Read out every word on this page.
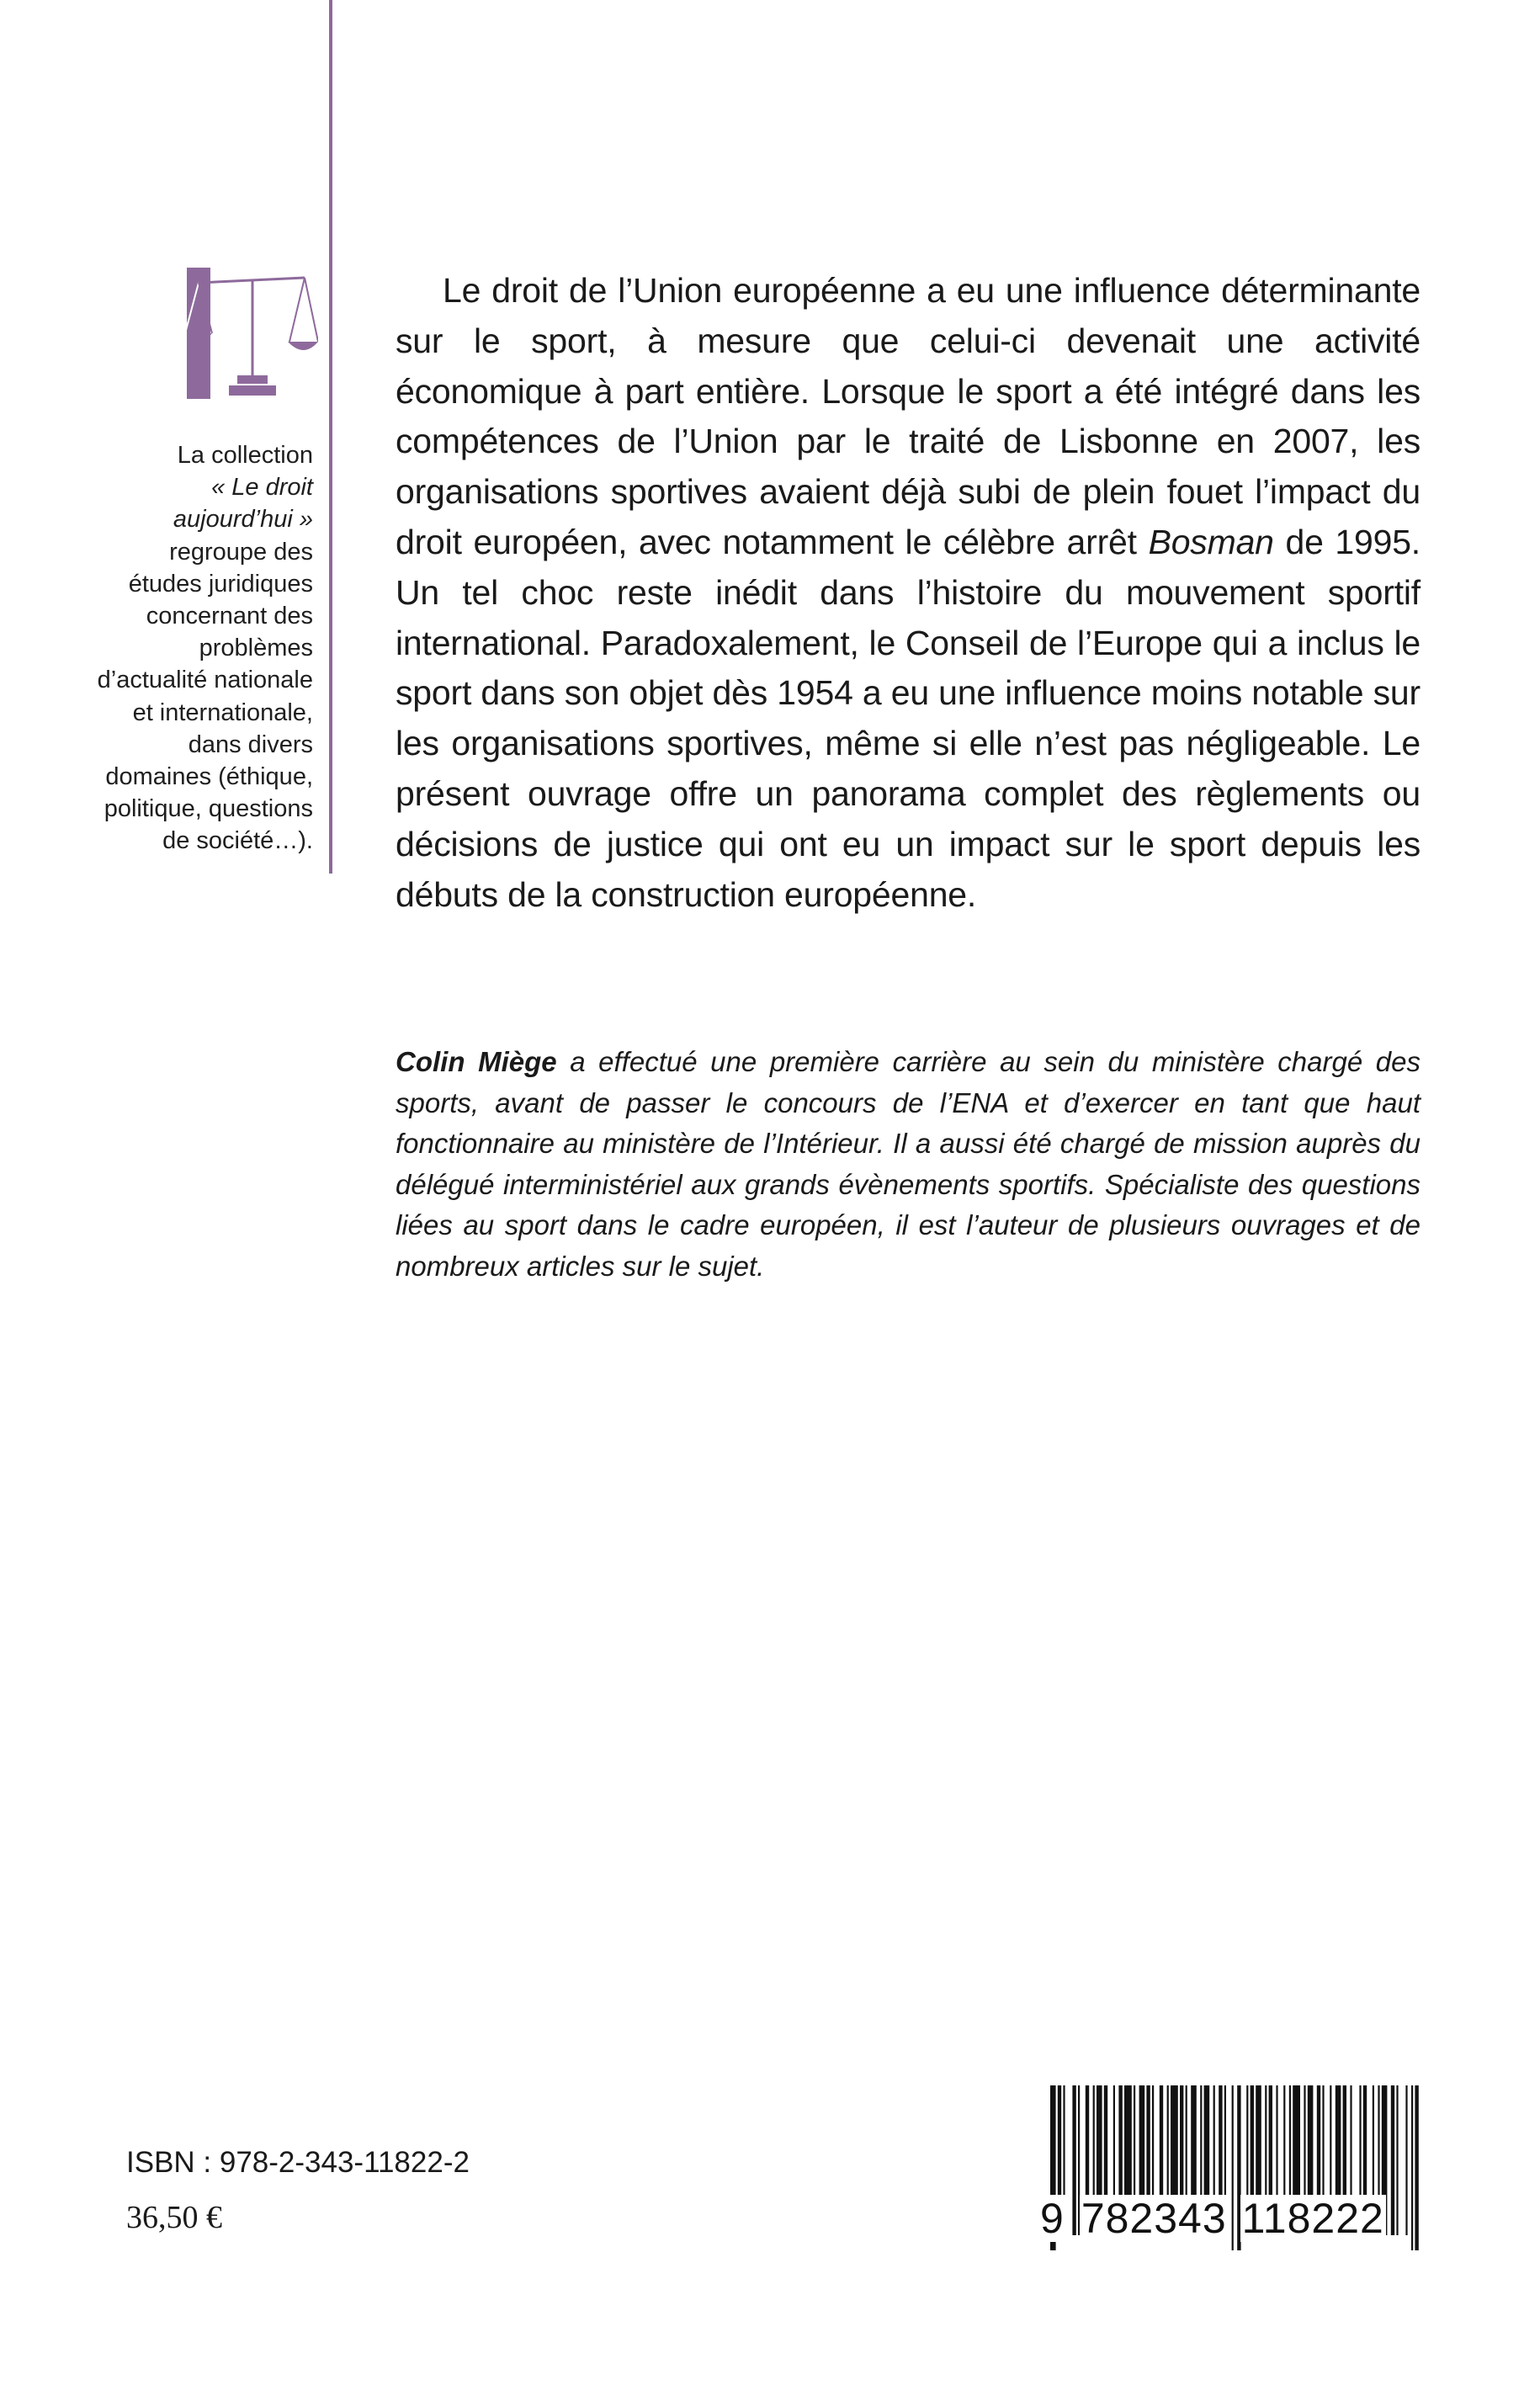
La collection
« Le droit aujourd’hui » regroupe des études juridiques concernant des problèmes d’actualité nationale et internationale, dans divers domaines (éthique, politique, questions de société…).
Le droit de l’Union européenne a eu une influence déterminante sur le sport, à mesure que celui-ci devenait une activité économique à part entière. Lorsque le sport a été intégré dans les compétences de l’Union par le traité de Lisbonne en 2007, les organisations sportives avaient déjà subi de plein fouet l’impact du droit européen, avec notamment le célèbre arrêt Bosman de 1995. Un tel choc reste inédit dans l’histoire du mouvement sportif international. Paradoxalement, le Conseil de l’Europe qui a inclus le sport dans son objet dès 1954 a eu une influence moins notable sur les organisations sportives, même si elle n’est pas négligeable. Le présent ouvrage offre un panorama complet des règlements ou décisions de justice qui ont eu un impact sur le sport depuis les débuts de la construction européenne.
Colin Miège a effectué une première carrière au sein du ministère chargé des sports, avant de passer le concours de l’ENA et d’exercer en tant que haut fonctionnaire au ministère de l’Intérieur. Il a aussi été chargé de mission auprès du délégué interministériel aux grands évènements sportifs. Spécialiste des questions liées au sport dans le cadre européen, il est l’auteur de plusieurs ouvrages et de nombreux articles sur le sujet.
ISBN : 978-2-343-11822-2
36,50 €	9 782343 118222
